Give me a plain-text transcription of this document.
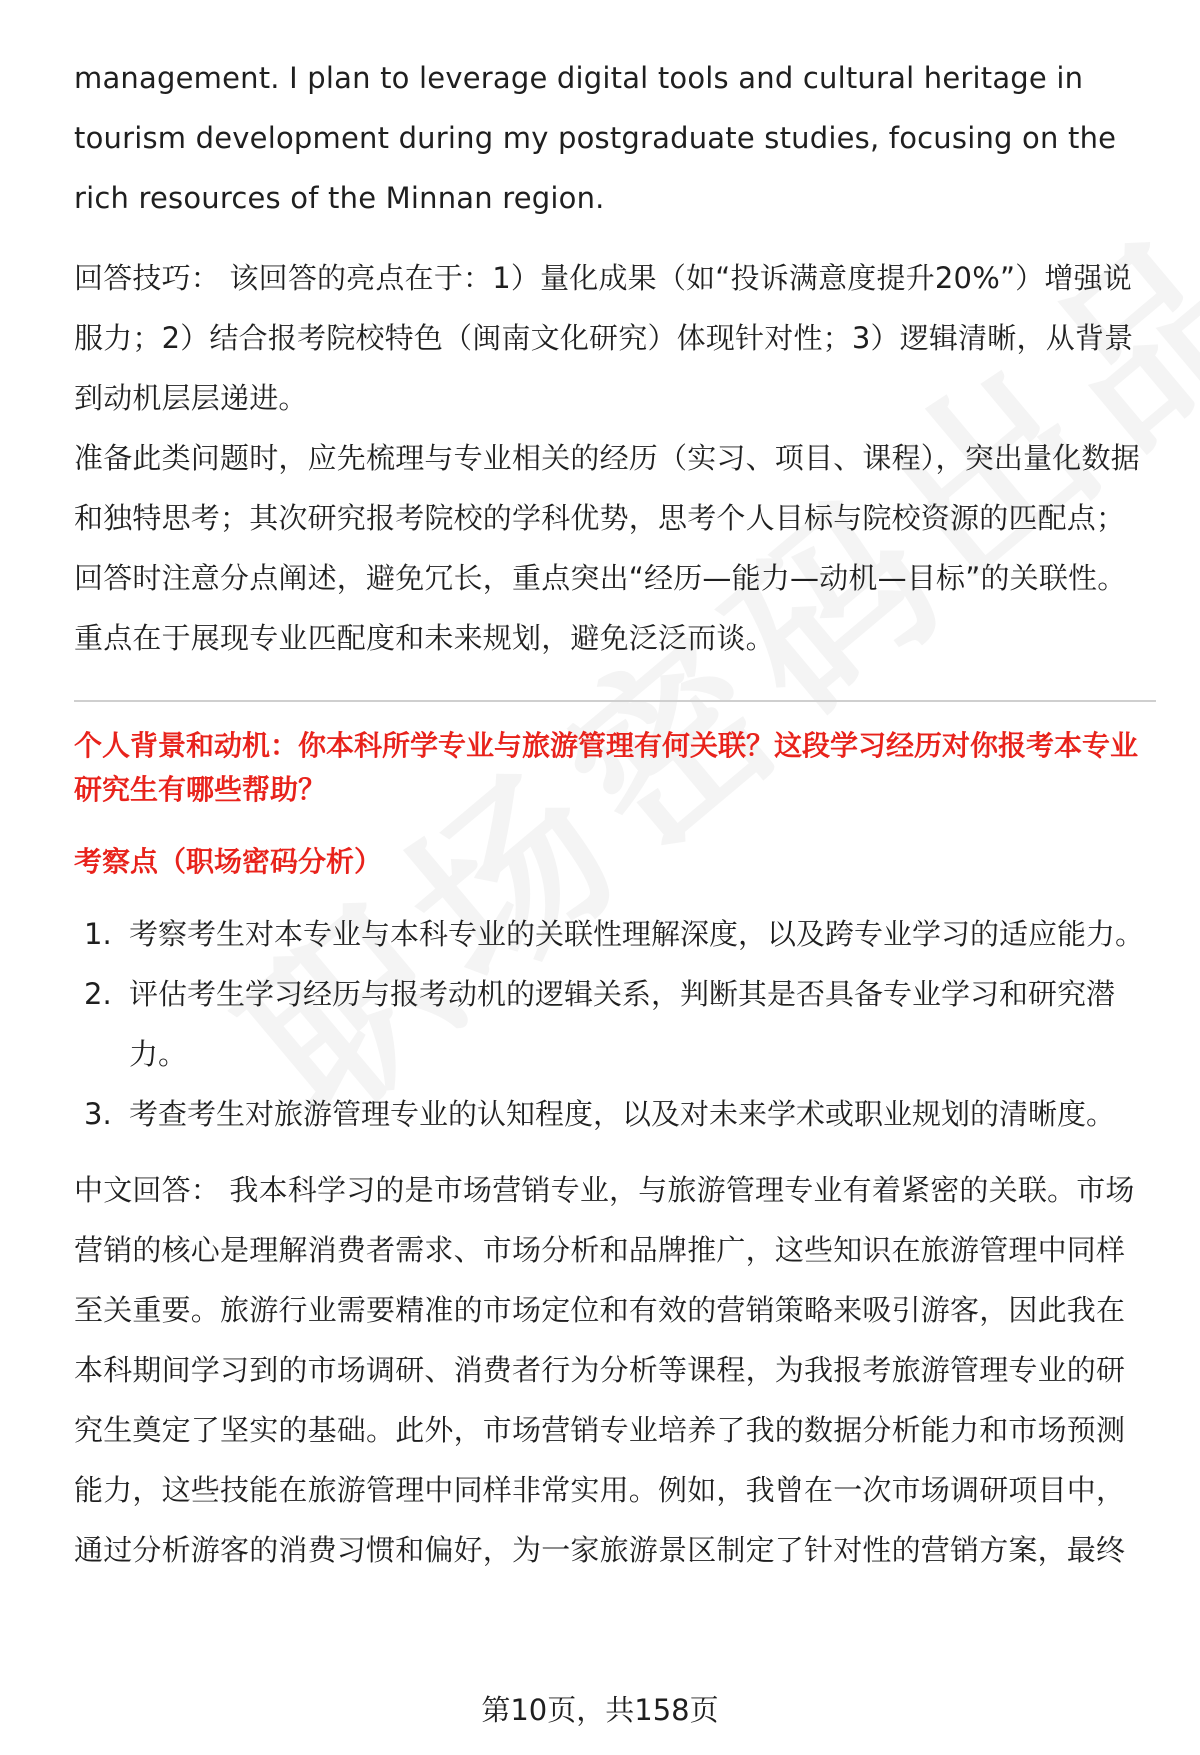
management. I plan to leverage digital tools and cultural heritage in tourism development during my postgraduate studies, focusing on the rich resources of the Minnan region.

回答技巧： 该回答的亮点在于：1）量化成果（如“投诉满意度提升20%”）增强说服力；2）结合报考院校特色（闽南文化研究）体现针对性；3）逻辑清晰，从背景到动机层层递进。

准备此类问题时，应先梳理与专业相关的经历（实习、项目、课程），突出量化数据和独特思考；其次研究报考院校的学科优势，思考个人目标与院校资源的匹配点；回答时注意分点阐述，避免冗长，重点突出“经历—能力—动机—目标”的关联性。重点在于展现专业匹配度和未来规划，避免泛泛而谈。

个人背景和动机：你本科所学专业与旅游管理有何关联？这段学习经历对你报考本专业研究生有哪些帮助？

考察点（职场密码分析）

1. 考察考生对本专业与本科专业的关联性理解深度，以及跨专业学习的适应能力。
2. 评估考生学习经历与报考动机的逻辑关系，判断其是否具备专业学习和研究潜力。
3. 考查考生对旅游管理专业的认知程度，以及对未来学术或职业规划的清晰度。

中文回答： 我本科学习的是市场营销专业，与旅游管理专业有着紧密的关联。市场营销的核心是理解消费者需求、市场分析和品牌推广，这些知识在旅游管理中同样至关重要。旅游行业需要精准的市场定位和有效的营销策略来吸引游客，因此我在本科期间学习到的市场调研、消费者行为分析等课程，为我报考旅游管理专业的研究生奠定了坚实的基础。此外，市场营销专业培养了我的数据分析能力和市场预测能力，这些技能在旅游管理中同样非常实用。例如，我曾在一次市场调研项目中，通过分析游客的消费习惯和偏好，为一家旅游景区制定了针对性的营销方案，最终

第10页，共158页
